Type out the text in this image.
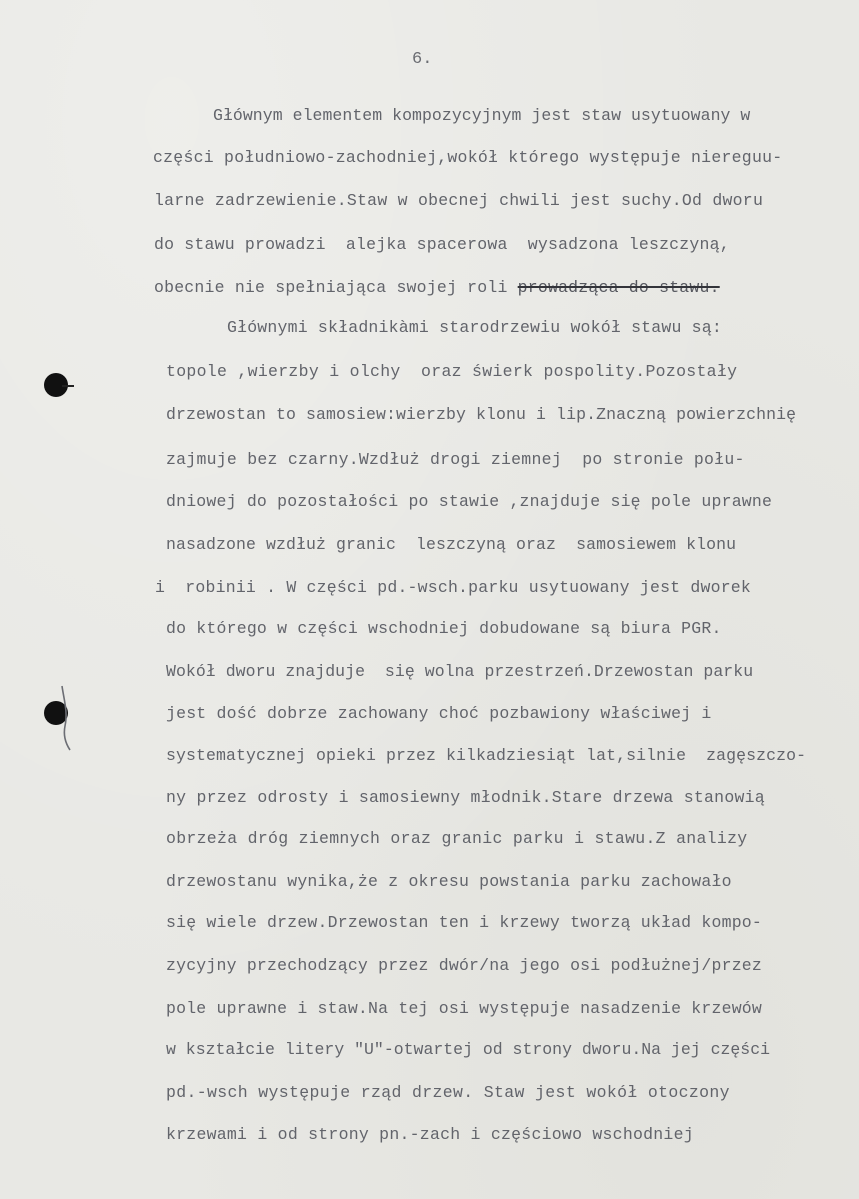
6.
Głównym elementem kompozycyjnym jest staw usytuowany w
części południowo-zachodniej,wokół którego występuje niereguu-
larne zadrzewienie.Staw w obecnej chwili jest suchy.Od dworu
do stawu prowadzi  alejka spacerowa  wysadzona leszczyną,
obecnie nie spełniająca swojej roli prowadząca do stawu.
Głównymi składnikàmi starodrzewiu wokół stawu są:
topole ,wierzby i olchy  oraz świerk pospolity.Pozostały
drzewostan to samosiew:wierzby klonu i lip.Znaczną powierzchnię
zajmuje bez czarny.Wzdłuż drogi ziemnej  po stronie połu-
dniowej do pozostałości po stawie ,znajduje się pole uprawne
nasadzone wzdłuż granic  leszczyną oraz  samosiewem klonu
i  robinii . W części pd.-wsch.parku usytuowany jest dworek
do którego w części wschodniej dobudowane są biura PGR.
Wokół dworu znajduje  się wolna przestrzeń.Drzewostan parku
jest dość dobrze zachowany choć pozbawiony właściwej i
systematycznej opieki przez kilkadziesiąt lat,silnie  zagęszczo-
ny przez odrosty i samosiewny młodnik.Stare drzewa stanowią
obrzeża dróg ziemnych oraz granic parku i stawu.Z analizy
drzewostanu wynika,że z okresu powstania parku zachowało
się wiele drzew.Drzewostan ten i krzewy tworzą układ kompo-
zycyjny przechodzący przez dwór/na jego osi podłużnej/przez
pole uprawne i staw.Na tej osi występuje nasadzenie krzewów
w kształcie litery "U"-otwartej od strony dworu.Na jej części
pd.-wsch występuje rząd drzew. Staw jest wokół otoczony
krzewami i od strony pn.-zach i częściowo wschodniej
